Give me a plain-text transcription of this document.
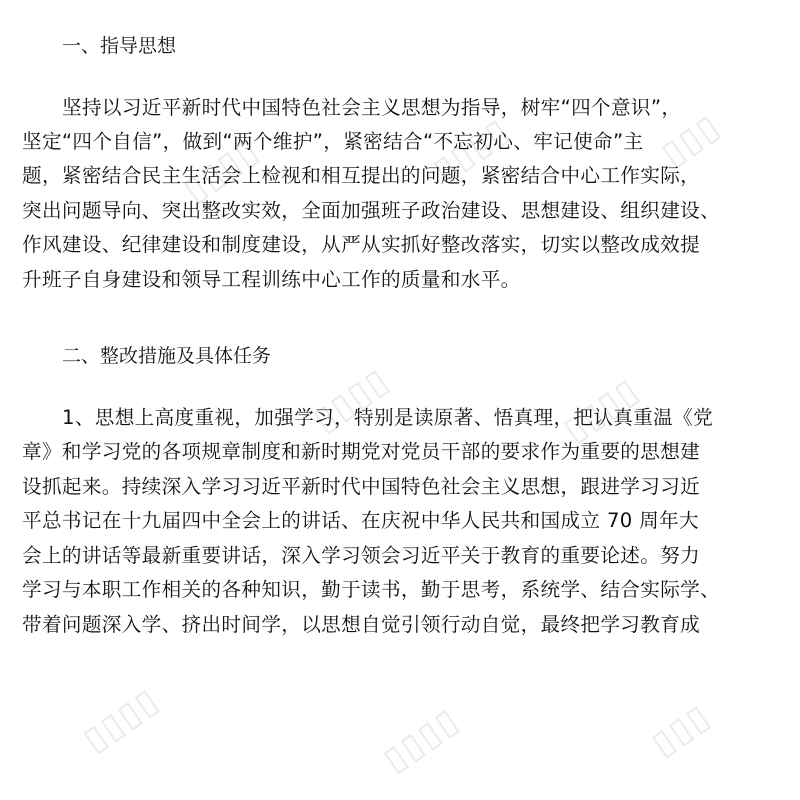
▯▯▯▯	▯▯▯▯	▯▯▯
▯▯▯▯	▯▯▯▯
▯▯▯▯	▯▯▯▯	▯▯▯
一、指导思想

坚持以习近平新时代中国特色社会主义思想为指导，树牢“四个意识”，

坚定“四个自信”，做到“两个维护”，紧密结合“不忘初心、牢记使命”主

题，紧密结合民主生活会上检视和相互提出的问题，紧密结合中心工作实际，

突出问题导向、突出整改实效，全面加强班子政治建设、思想建设、组织建设、

作风建设、纪律建设和制度建设，从严从实抓好整改落实，切实以整改成效提

升班子自身建设和领导工程训练中心工作的质量和水平。

二、整改措施及具体任务

1、思想上高度重视，加强学习，特别是读原著、悟真理，把认真重温《党

章》和学习党的各项规章制度和新时期党对党员干部的要求作为重要的思想建

设抓起来。持续深入学习习近平新时代中国特色社会主义思想，跟进学习习近

平总书记在十九届四中全会上的讲话、在庆祝中华人民共和国成立 70 周年大

会上的讲话等最新重要讲话，深入学习领会习近平关于教育的重要论述。努力

学习与本职工作相关的各种知识，勤于读书，勤于思考，系统学、结合实际学、

带着问题深入学、挤出时间学，以思想自觉引领行动自觉，最终把学习教育成
